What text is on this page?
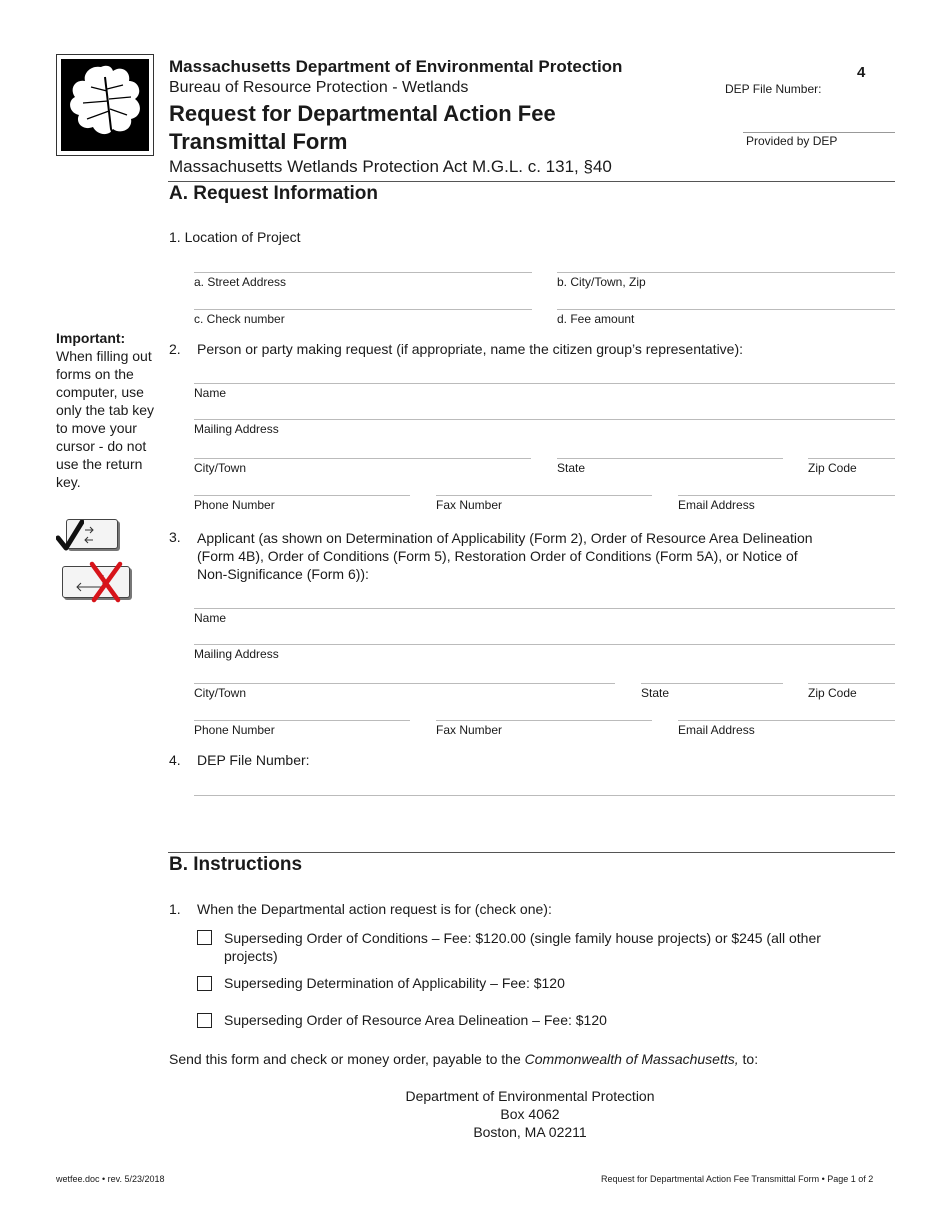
Massachusetts Department of Environmental Protection
Bureau of Resource Protection - Wetlands
Request for Departmental Action Fee
Transmittal Form
Massachusetts Wetlands Protection Act M.G.L. c. 131, §40
4
DEP File Number:
Provided by DEP
A. Request Information
1. Location of Project
a. Street Address	b. City/Town, Zip
c. Check number	d. Fee amount
Important:
When filling out forms on the computer, use only the tab key to move your cursor - do not use the return key.
2. Person or party making request (if appropriate, name the citizen group’s representative):
Name
Mailing Address
City/Town	State	Zip Code
Phone Number	Fax Number	Email Address
3. Applicant (as shown on Determination of Applicability (Form 2), Order of Resource Area Delineation
(Form 4B), Order of Conditions (Form 5), Restoration Order of Conditions (Form 5A), or Notice of
Non-Significance (Form 6)):
Name
Mailing Address
City/Town	State	Zip Code
Phone Number	Fax Number	Email Address
4. DEP File Number:
B. Instructions
1. When the Departmental action request is for (check one):
Superseding Order of Conditions – Fee: $120.00 (single family house projects) or $245 (all other
projects)
Superseding Determination of Applicability – Fee: $120
Superseding Order of Resource Area Delineation – Fee: $120
Send this form and check or money order, payable to the Commonwealth of Massachusetts, to:
Department of Environmental Protection
Box 4062
Boston, MA 02211
wetfee.doc • rev. 5/23/2018	Request for Departmental Action Fee Transmittal Form • Page 1 of 2
